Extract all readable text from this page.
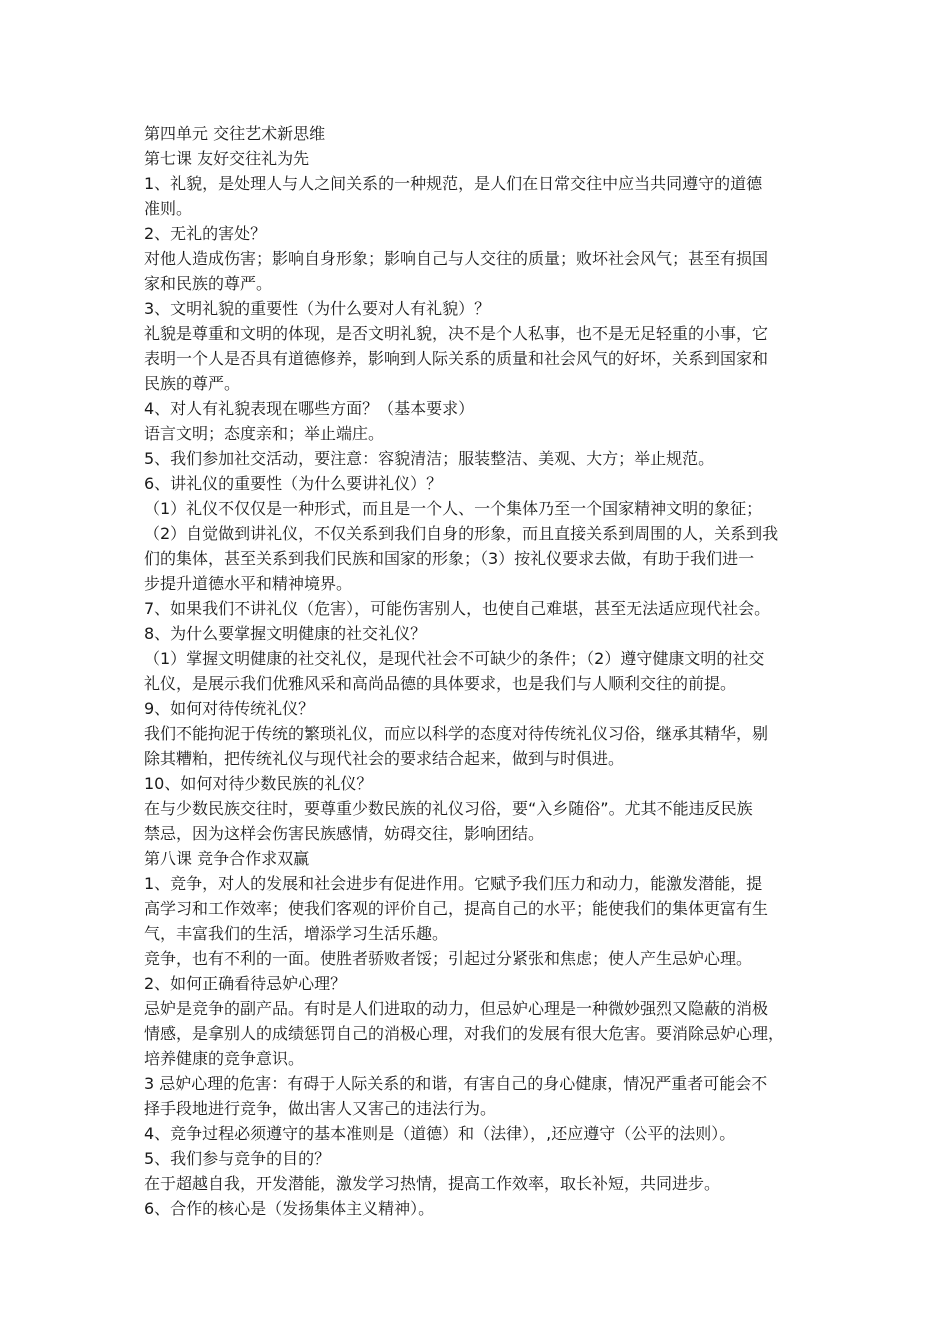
第四单元 交往艺术新思维
第七课 友好交往礼为先
1、礼貌，是处理人与人之间关系的一种规范，是人们在日常交往中应当共同遵守的道德
准则。
2、无礼的害处？
对他人造成伤害；影响自身形象；影响自己与人交往的质量；败坏社会风气；甚至有损国
家和民族的尊严。
3、文明礼貌的重要性（为什么要对人有礼貌）？
礼貌是尊重和文明的体现，是否文明礼貌，决不是个人私事，也不是无足轻重的小事，它
表明一个人是否具有道德修养，影响到人际关系的质量和社会风气的好坏，关系到国家和
民族的尊严。
4、对人有礼貌表现在哪些方面？（基本要求）
语言文明；态度亲和；举止端庄。
5、我们参加社交活动，要注意：容貌清洁；服装整洁、美观、大方；举止规范。
6、讲礼仪的重要性（为什么要讲礼仪）？
（1）礼仪不仅仅是一种形式，而且是一个人、一个集体乃至一个国家精神文明的象征；
（2）自觉做到讲礼仪，不仅关系到我们自身的形象，而且直接关系到周围的人，关系到我
们的集体，甚至关系到我们民族和国家的形象；（3）按礼仪要求去做，有助于我们进一
步提升道德水平和精神境界。
7、如果我们不讲礼仪（危害），可能伤害别人，也使自己难堪，甚至无法适应现代社会。
8、为什么要掌握文明健康的社交礼仪？
（1）掌握文明健康的社交礼仪，是现代社会不可缺少的条件；（2）遵守健康文明的社交
礼仪，是展示我们优雅风采和高尚品德的具体要求，也是我们与人顺利交往的前提。
9、如何对待传统礼仪？
我们不能拘泥于传统的繁琐礼仪，而应以科学的态度对待传统礼仪习俗，继承其精华，剔
除其糟粕，把传统礼仪与现代社会的要求结合起来，做到与时俱进。
10、如何对待少数民族的礼仪？
在与少数民族交往时，要尊重少数民族的礼仪习俗，要“入乡随俗”。尤其不能违反民族
禁忌，因为这样会伤害民族感情，妨碍交往，影响团结。
第八课 竞争合作求双赢
1、竞争，对人的发展和社会进步有促进作用。它赋予我们压力和动力，能激发潜能，提
高学习和工作效率；使我们客观的评价自己，提高自己的水平；能使我们的集体更富有生
气，丰富我们的生活，增添学习生活乐趣。
竞争，也有不利的一面。使胜者骄败者馁；引起过分紧张和焦虑；使人产生忌妒心理。
2、如何正确看待忌妒心理？
忌妒是竞争的副产品。有时是人们进取的动力，但忌妒心理是一种微妙强烈又隐蔽的消极
情感，是拿别人的成绩惩罚自己的消极心理，对我们的发展有很大危害。要消除忌妒心理，
培养健康的竞争意识。
3 忌妒心理的危害：有碍于人际关系的和谐，有害自己的身心健康，情况严重者可能会不
择手段地进行竞争，做出害人又害己的违法行为。
4、竞争过程必须遵守的基本准则是（道德）和（法律），,还应遵守（公平的法则）。
5、我们参与竞争的目的？
在于超越自我，开发潜能，激发学习热情，提高工作效率，取长补短，共同进步。
6、合作的核心是（发扬集体主义精神）。
